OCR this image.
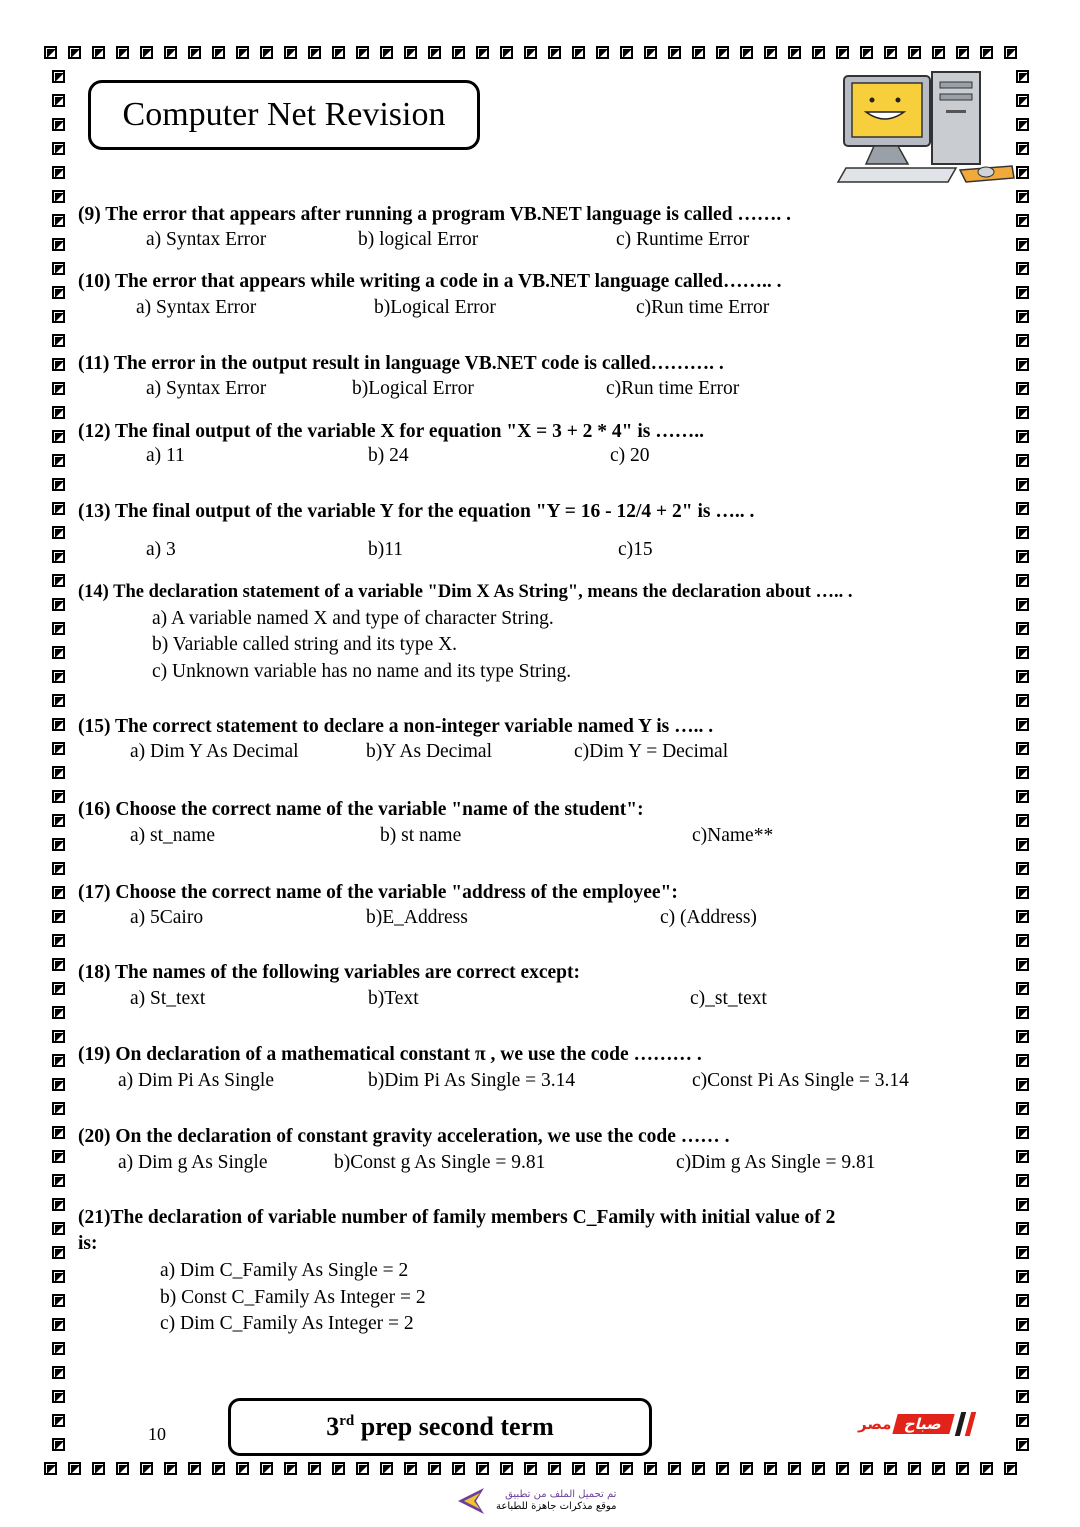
Computer Net Revision
(9) The error that appears after running a program VB.NET language is called ……. .
a) Syntax Error	b) logical Error	c) Runtime Error
(10) The error that appears while writing a code in a VB.NET language called…….. .
a) Syntax Error	b)Logical Error	c)Run time Error
(11) The error in the output result in language VB.NET code is called………. .
a) Syntax Error	b)Logical Error	c)Run time Error
(12) The final output of the variable X for equation "X = 3 + 2 * 4" is ……..
a) 11	b) 24	c) 20
(13) The final output of the variable Y for the equation "Y = 16 - 12/4 + 2" is ….. .
a) 3	b)11	c)15
(14) The declaration statement of a variable "Dim X As String", means the declaration about ….. .
a) A variable named X and type of character String.
b) Variable called string and its type X.
c) Unknown variable has no name and its type String.
(15) The correct statement to declare a non-integer variable named Y is ….. .
a) Dim Y As Decimal	b)Y As Decimal	c)Dim Y = Decimal
(16) Choose the correct name of the variable "name of the student":
a) st_name	b) st name	c)Name**
(17) Choose the correct name of the variable "address of the employee":
a) 5Cairo	b)E_Address	c) (Address)
(18) The names of the following variables are correct except:
a) St_text	b)Text	c)_st_text
(19) On declaration of a mathematical constant π , we use the code ……… .
a) Dim Pi As Single	b)Dim Pi As Single = 3.14	c)Const Pi As Single = 3.14
(20) On the declaration of constant gravity acceleration, we use the code …… .
a) Dim g As Single	b)Const g As Single = 9.81	c)Dim g As Single = 9.81
(21)The declaration of variable number of family members C_Family with initial value of 2
is:
a) Dim C_Family As Single = 2
b) Const C_Family As Integer = 2
c) Dim C_Family As Integer = 2
10	3rd prep second term	مصر صباح
تم تحميل الملف من تطبيق
موقع مذكرات جاهزة للطباعة
